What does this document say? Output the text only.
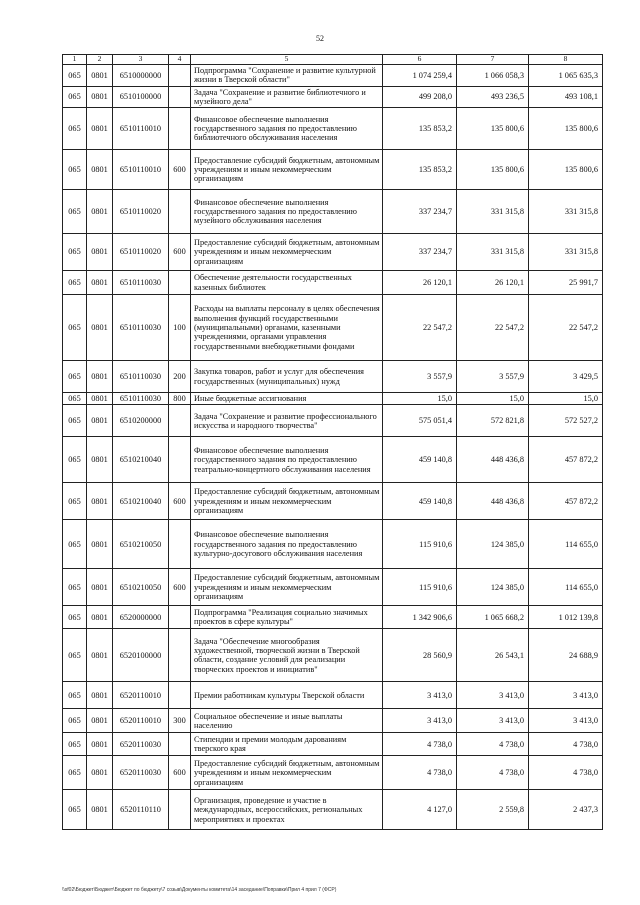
52
1	2	3	4	5	6	7	8
065	0801	6510000000		Подпрограмма "Сохранение и развитие культурной жизни в Тверской области"	1 074 259,4	1 066 058,3	1 065 635,3
065	0801	6510100000		Задача "Сохранение и развитие библиотечного и музейного дела"	499 208,0	493 236,5	493 108,1
065	0801	6510110010		Финансовое обеспечение выполнения государственного задания по предоставлению библиотечного обслуживания населения	135 853,2	135 800,6	135 800,6
065	0801	6510110010	600	Предоставление субсидий бюджетным, автономным учреждениям и иным некоммерческим организациям	135 853,2	135 800,6	135 800,6
065	0801	6510110020		Финансовое обеспечение выполнения государственного задания по предоставлению музейного обслуживания населения	337 234,7	331 315,8	331 315,8
065	0801	6510110020	600	Предоставление субсидий бюджетным, автономным учреждениям и иным некоммерческим организациям	337 234,7	331 315,8	331 315,8
065	0801	6510110030		Обеспечение деятельности государственных казенных библиотек	26 120,1	26 120,1	25 991,7
065	0801	6510110030	100	Расходы на выплаты персоналу в целях обеспечения выполнения функций государственными (муниципальными) органами, казенными учреждениями, органами управления государственными внебюджетными фондами	22 547,2	22 547,2	22 547,2
065	0801	6510110030	200	Закупка товаров, работ и услуг для обеспечения государственных (муниципальных) нужд	3 557,9	3 557,9	3 429,5
065	0801	6510110030	800	Иные бюджетные ассигнования	15,0	15,0	15,0
065	0801	6510200000		Задача "Сохранение и развитие профессионального искусства и народного творчества"	575 051,4	572 821,8	572 527,2
065	0801	6510210040		Финансовое обеспечение выполнения государственного задания по предоставлению театрально-концертного обслуживания населения	459 140,8	448 436,8	457 872,2
065	0801	6510210040	600	Предоставление субсидий бюджетным, автономным учреждениям и иным некоммерческим организациям	459 140,8	448 436,8	457 872,2
065	0801	6510210050		Финансовое обеспечение выполнения государственного задания по предоставлению культурно-досугового обслуживания населения	115 910,6	124 385,0	114 655,0
065	0801	6510210050	600	Предоставление субсидий бюджетным, автономным учреждениям и иным некоммерческим организациям	115 910,6	124 385,0	114 655,0
065	0801	6520000000		Подпрограмма "Реализация социально значимых проектов в сфере культуры"	1 342 906,6	1 065 668,2	1 012 139,8
065	0801	6520100000		Задача "Обеспечение многообразия художественной, творческой жизни в Тверской области, создание условий для реализации творческих проектов и инициатив"	28 560,9	26 543,1	24 688,9
065	0801	6520110010		Премии работникам культуры Тверской области	3 413,0	3 413,0	3 413,0
065	0801	6520110010	300	Социальное обеспечение и иные выплаты населению	3 413,0	3 413,0	3 413,0
065	0801	6520110030		Стипендии и премии молодым дарованиям тверского края	4 738,0	4 738,0	4 738,0
065	0801	6520110030	600	Предоставление субсидий бюджетным, автономным учреждениям и иным некоммерческим организациям	4 738,0	4 738,0	4 738,0
065	0801	6520110110		Организация, проведение и участие в международных, всероссийских, региональных мероприятиях и проектах	4 127,0	2 559,8	2 437,3
\\sf02\Бюджет\Бюджет\Бюджет по бюджету\7 созыв\Документы комитета\14 заседание\Поправки\Прил 4 прил 7 (ФСР)
